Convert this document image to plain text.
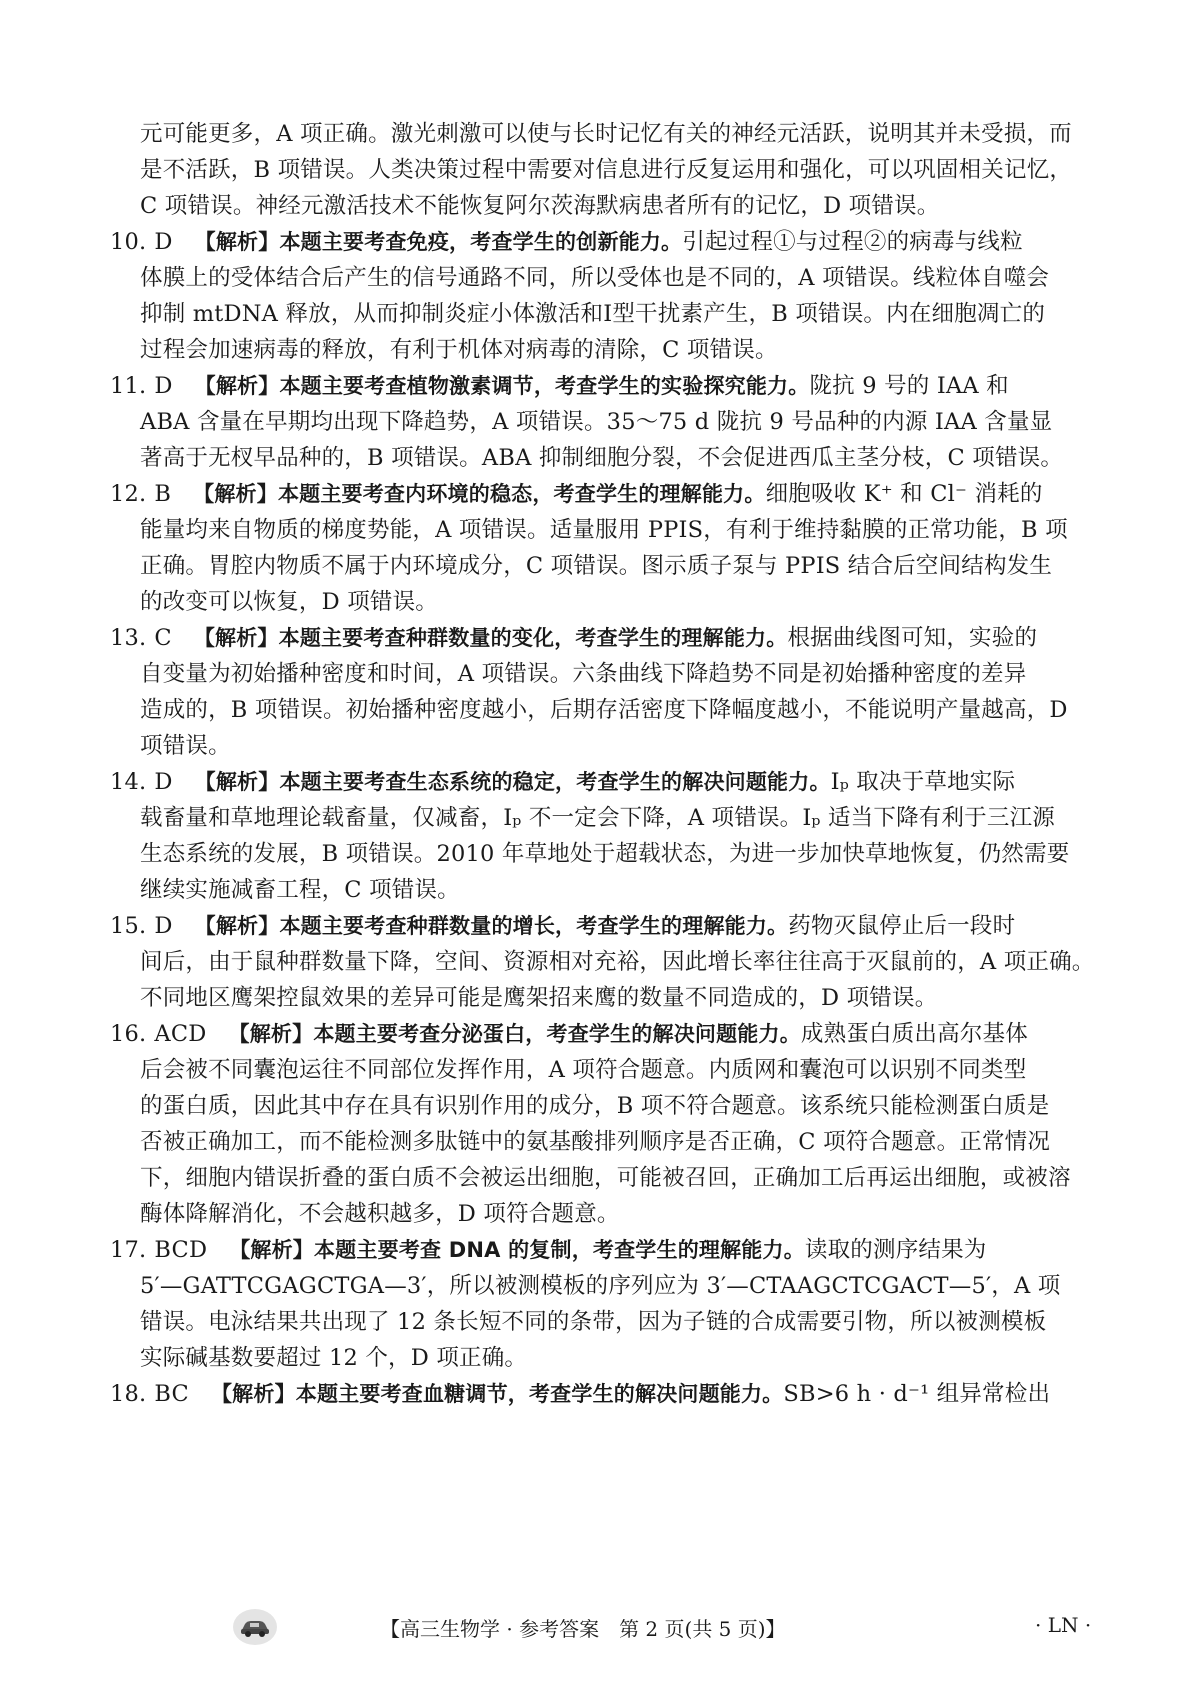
元可能更多，A 项正确。激光刺激可以使与长时记忆有关的神经元活跃，说明其并未受损，而
是不活跃，B 项错误。人类决策过程中需要对信息进行反复运用和强化，可以巩固相关记忆，
C 项错误。神经元激活技术不能恢复阿尔茨海默病患者所有的记忆，D 项错误。
10. D 【解析】 本题主要考查免疫，考查学生的创新能力。 引起过程①与过程②的病毒与线粒
体膜上的受体结合后产生的信号通路不同，所以受体也是不同的，A 项错误。线粒体自噬会
抑制 mtDNA 释放，从而抑制炎症小体激活和Ⅰ型干扰素产生，B 项错误。内在细胞凋亡的
过程会加速病毒的释放，有利于机体对病毒的清除，C 项错误。
11. D 【解析】 本题主要考查植物激素调节，考查学生的实验探究能力。 陇抗 9 号的 IAA 和
ABA 含量在早期均出现下降趋势，A 项错误。35～75 d 陇抗 9 号品种的内源 IAA 含量显
著高于无杈早品种的，B 项错误。ABA 抑制细胞分裂，不会促进西瓜主茎分枝，C 项错误。
12. B 【解析】 本题主要考查内环境的稳态，考查学生的理解能力。 细胞吸收 K⁺ 和 Cl⁻ 消耗的
能量均来自物质的梯度势能，A 项错误。适量服用 PPIS，有利于维持黏膜的正常功能，B 项
正确。胃腔内物质不属于内环境成分，C 项错误。图示质子泵与 PPIS 结合后空间结构发生
的改变可以恢复，D 项错误。
13. C 【解析】 本题主要考查种群数量的变化，考查学生的理解能力。 根据曲线图可知，实验的
自变量为初始播种密度和时间，A 项错误。六条曲线下降趋势不同是初始播种密度的差异
造成的，B 项错误。初始播种密度越小，后期存活密度下降幅度越小，不能说明产量越高，D
项错误。
14. D 【解析】 本题主要考查生态系统的稳定，考查学生的解决问题能力。 Iₚ 取决于草地实际
载畜量和草地理论载畜量，仅减畜，Iₚ 不一定会下降，A 项错误。Iₚ 适当下降有利于三江源
生态系统的发展，B 项错误。2010 年草地处于超载状态，为进一步加快草地恢复，仍然需要
继续实施减畜工程，C 项错误。
15. D 【解析】 本题主要考查种群数量的增长，考查学生的理解能力。 药物灭鼠停止后一段时
间后，由于鼠种群数量下降，空间、资源相对充裕，因此增长率往往高于灭鼠前的，A 项正确。
不同地区鹰架控鼠效果的差异可能是鹰架招来鹰的数量不同造成的，D 项错误。
16. ACD 【解析】 本题主要考查分泌蛋白，考查学生的解决问题能力。 成熟蛋白质出高尔基体
后会被不同囊泡运往不同部位发挥作用，A 项符合题意。内质网和囊泡可以识别不同类型
的蛋白质，因此其中存在具有识别作用的成分，B 项不符合题意。该系统只能检测蛋白质是
否被正确加工，而不能检测多肽链中的氨基酸排列顺序是否正确，C 项符合题意。正常情况
下，细胞内错误折叠的蛋白质不会被运出细胞，可能被召回，正确加工后再运出细胞，或被溶
酶体降解消化，不会越积越多，D 项符合题意。
17. BCD 【解析】 本题主要考查 DNA 的复制，考查学生的理解能力。 读取的测序结果为
5′—GATTCGAGCTGA—3′，所以被测模板的序列应为 3′—CTAAGCTCGACT—5′，A 项
错误。电泳结果共出现了 12 条长短不同的条带，因为子链的合成需要引物，所以被测模板
实际碱基数要超过 12 个，D 项正确。
18. BC 【解析】 本题主要考查血糖调节，考查学生的解决问题能力。 SB>6 h · d⁻¹ 组异常检出
【高三生物学 · 参考答案　第 2 页(共 5 页)】	· LN ·
